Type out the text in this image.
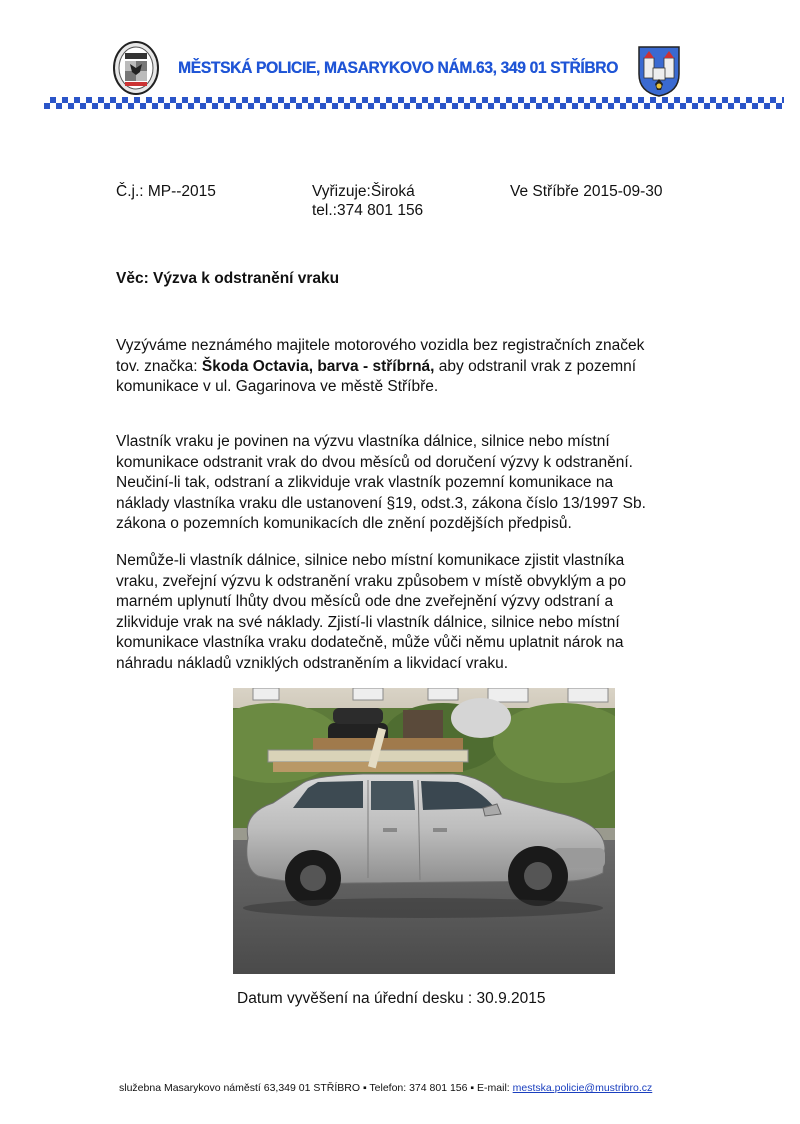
MĚSTSKÁ POLICIE, MASARYKOVO NÁM.63, 349 01 STŘÍBRO
Č.j.: MP--2015	Vyřizuje:Široká
tel.:374 801 156
Ve Stříbře 2015-09-30
Věc: Výzva k odstranění vraku
Vyzýváme neznámého majitele motorového vozidla bez registračních značek
tov. značka: Škoda Octavia, barva - stříbrná, aby odstranil vrak z pozemní
komunikace v ul. Gagarinova ve městě Stříbře.
Vlastník vraku je povinen na výzvu vlastníka dálnice, silnice nebo místní
komunikace odstranit vrak do dvou měsíců od doručení výzvy k odstranění.
Neučiní-li tak, odstraní a zlikviduje vrak vlastník pozemní komunikace na
náklady vlastníka vraku dle ustanovení §19, odst.3, zákona číslo 13/1997 Sb.
zákona o pozemních komunikacích dle znění pozdějších předpisů.
Nemůže-li vlastník dálnice, silnice nebo místní komunikace zjistit vlastníka
vraku, zveřejní výzvu k odstranění vraku způsobem v místě obvyklým a po
marném uplynutí lhůty dvou měsíců ode dne zveřejnění výzvy odstraní a
zlikviduje vrak na své náklady. Zjistí-li vlastník dálnice, silnice nebo místní
komunikace vlastníka vraku dodatečně, může vůči němu uplatnit nárok na
náhradu nákladů vzniklých odstraněním a likvidací vraku.
Datum vyvěšení na úřední desku : 30.9.2015
služebna Masarykovo náměstí 63,349 01 STŘÍBRO ▪ Telefon: 374 801 156 ▪ E-mail: mestska.policie@mustribro.cz
